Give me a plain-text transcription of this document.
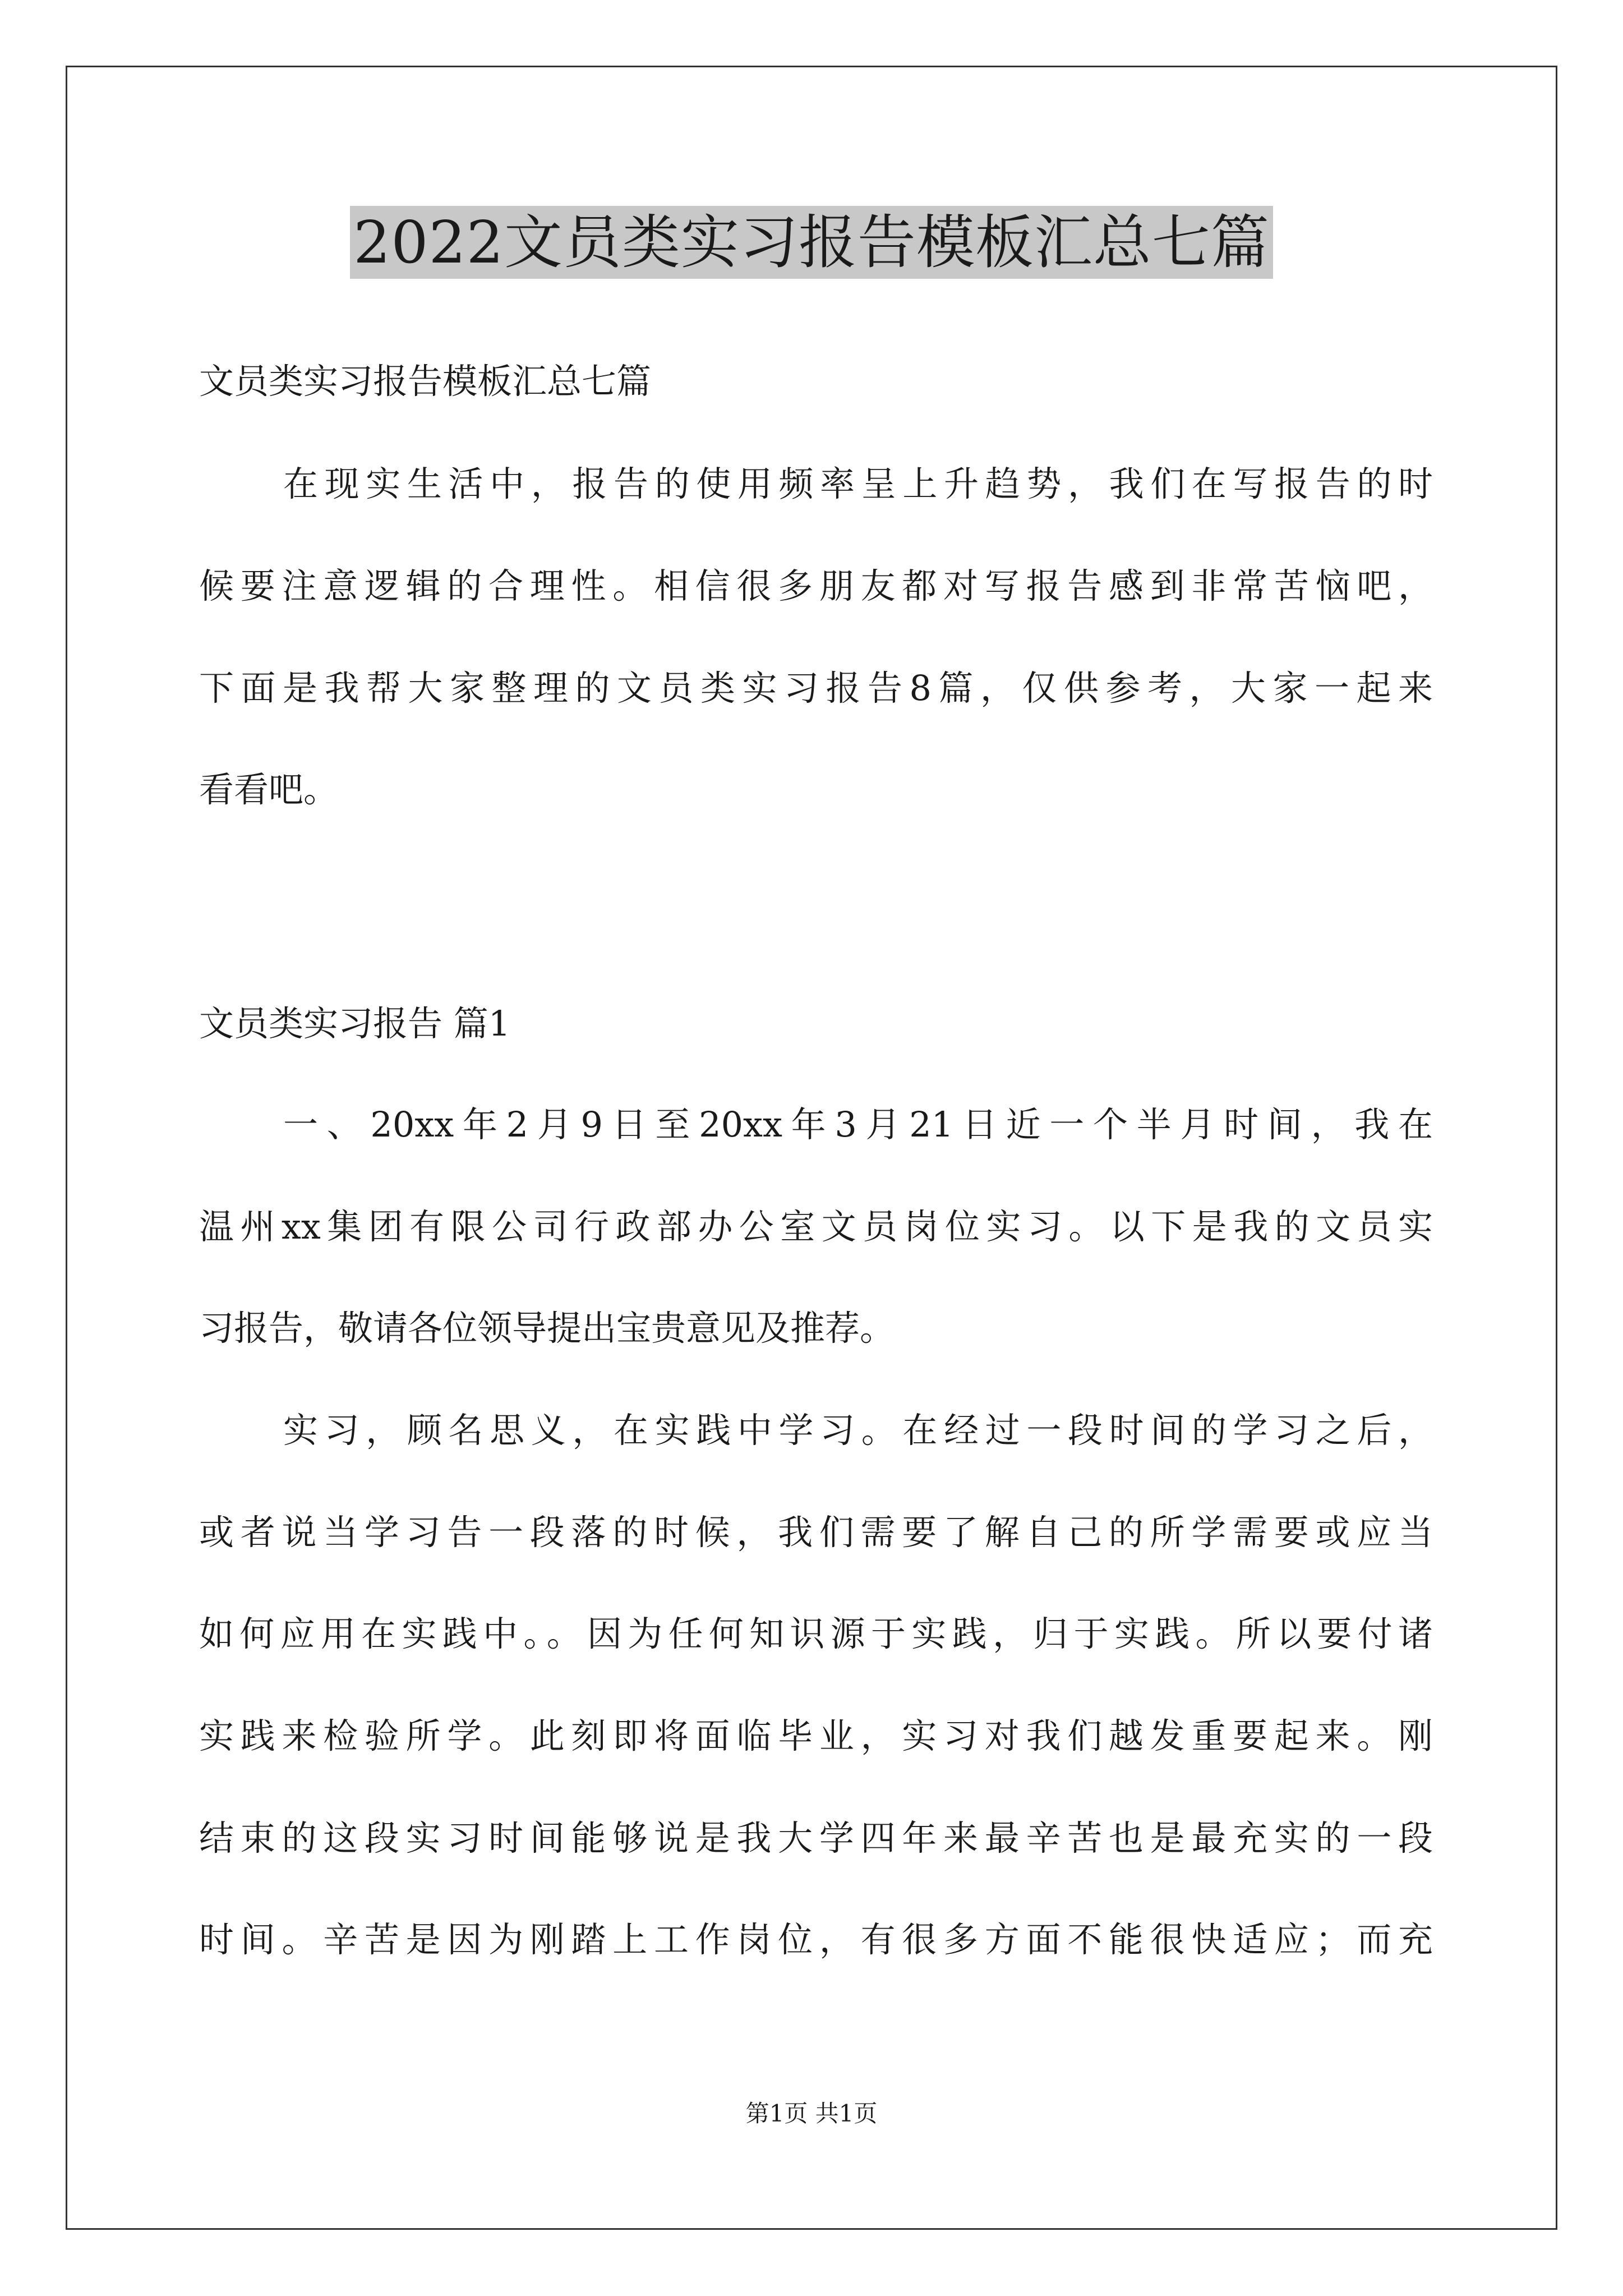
2022文员类实习报告模板汇总七篇

文员类实习报告模板汇总七篇

在现实生活中，报告的使用频率呈上升趋势，我们在写报告的时

候要注意逻辑的合理性。相信很多朋友都对写报告感到非常苦恼吧，

下面是我帮大家整理的文员类实习报告8篇，仅供参考，大家一起来

看看吧。

文员类实习报告 篇1

一、20xx年2月9日至20xx年3月21日近一个半月时间，我在

温州xx集团有限公司行政部办公室文员岗位实习。以下是我的文员实

习报告，敬请各位领导提出宝贵意见及推荐。

实习，顾名思义，在实践中学习。在经过一段时间的学习之后，

或者说当学习告一段落的时候，我们需要了解自己的所学需要或应当

如何应用在实践中。。因为任何知识源于实践，归于实践。所以要付诸

实践来检验所学。此刻即将面临毕业，实习对我们越发重要起来。刚

结束的这段实习时间能够说是我大学四年来最辛苦也是最充实的一段

时间。辛苦是因为刚踏上工作岗位，有很多方面不能很快适应；而充

第1页 共1页
